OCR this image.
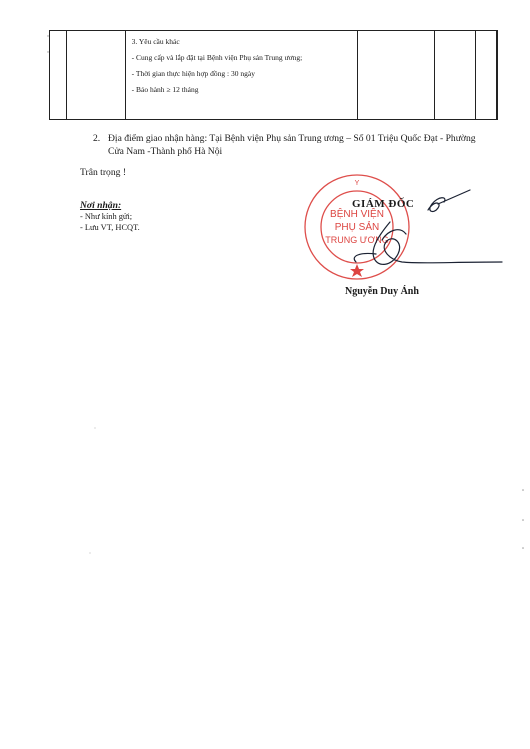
3. Yêu cầu khác

- Cung cấp và lắp đặt tại Bệnh viện Phụ sản Trung ương;

- Thời gian thực hiện hợp đồng : 30 ngày

- Bảo hành ≥ 12 tháng

2. Địa điểm giao nhận hàng: Tại Bệnh viện Phụ sản Trung ương – Số 01 Triệu Quốc Đạt - Phường Cửa Nam -Thành phố Hà Nội
Trân trọng !
Nơi nhận:
- Như kính gửi;
- Lưu VT, HCQT.
Y
BỆNH VIỆN
PHỤ SẢN
TRUNG ƯƠNG
GIÁM ĐỐC
Nguyễn Duy Ánh
